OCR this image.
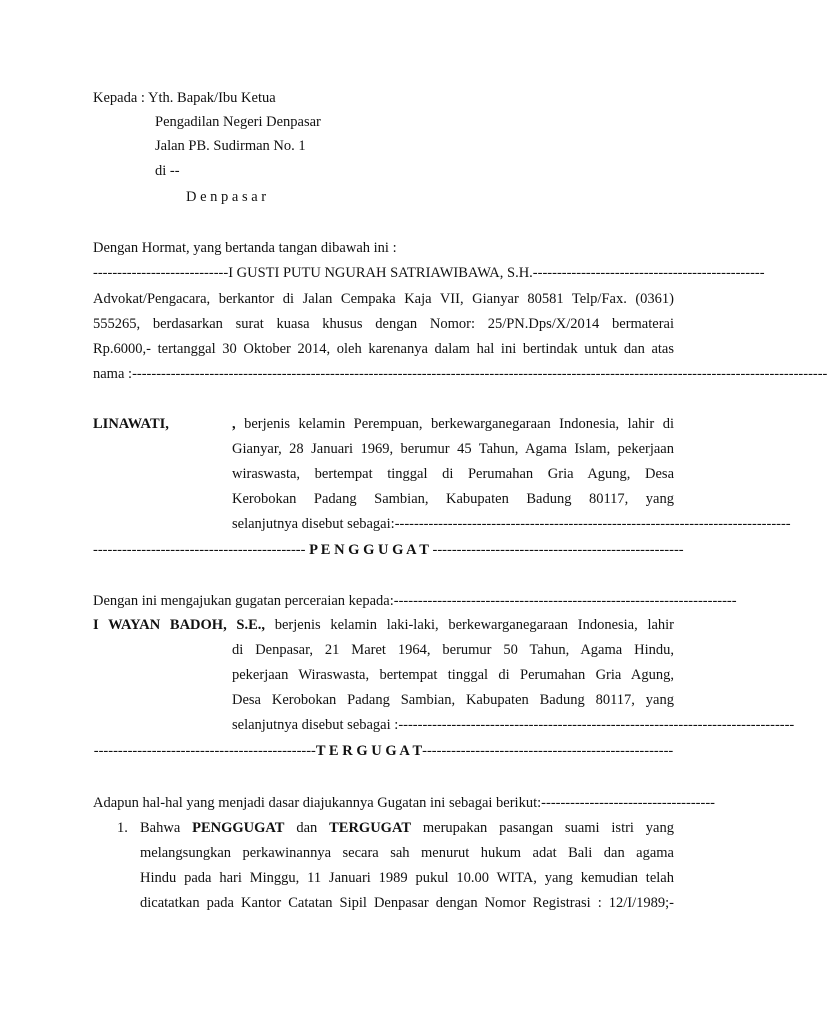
Kepada : Yth. Bapak/Ibu Ketua
Pengadilan Negeri Denpasar
Jalan PB. Sudirman No. 1
di --
D e n p a s a r
Dengan Hormat, yang bertanda tangan dibawah ini :
----------------------------I GUSTI PUTU NGURAH SATRIAWIBAWA, S.H.------------------------------------------------
Advokat/Pengacara, berkantor di Jalan Cempaka Kaja VII, Gianyar 80581 Telp/Fax. (0361)
555265, berdasarkan surat kuasa khusus dengan Nomor: 25/PN.Dps/X/2014 bermaterai
Rp.6000,- tertanggal 30 Oktober 2014, oleh karenanya dalam hal ini bertindak untuk dan atas
nama :------------------------------------------------------------------------------------------------------------------------------------------------
LINAWATI,	, berjenis kelamin Perempuan, berkewarganegaraan Indonesia, lahir di
Gianyar, 28 Januari 1969, berumur 45 Tahun, Agama Islam, pekerjaan
wiraswasta, bertempat tinggal di Perumahan Gria Agung, Desa
Kerobokan Padang Sambian, Kabupaten Badung 80117, yang
selanjutnya disebut sebagai:----------------------------------------------------------------------------------
-------------------------------------------- P E N G G U G A T ----------------------------------------------------
Dengan ini mengajukan gugatan perceraian kepada:-----------------------------------------------------------------------
I WAYAN BADOH, S.E., berjenis kelamin laki-laki, berkewarganegaraan Indonesia, lahir
di Denpasar, 21 Maret 1964, berumur 50 Tahun, Agama Hindu,
pekerjaan Wiraswasta, bertempat tinggal di Perumahan Gria Agung,
Desa Kerobokan Padang Sambian, Kabupaten Badung 80117, yang
selanjutnya disebut sebagai :----------------------------------------------------------------------------------
----------------------------------------------T E R G U G A T----------------------------------------------------
Adapun hal-hal yang menjadi dasar diajukannya Gugatan ini sebagai berikut:------------------------------------
1. Bahwa PENGGUGAT dan TERGUGAT merupakan pasangan suami istri yang
melangsungkan perkawinannya secara sah menurut hukum adat Bali dan agama
Hindu pada hari Minggu, 11 Januari 1989 pukul 10.00 WITA, yang kemudian telah
dicatatkan pada Kantor Catatan Sipil Denpasar dengan Nomor Registrasi : 12/I/1989;-
